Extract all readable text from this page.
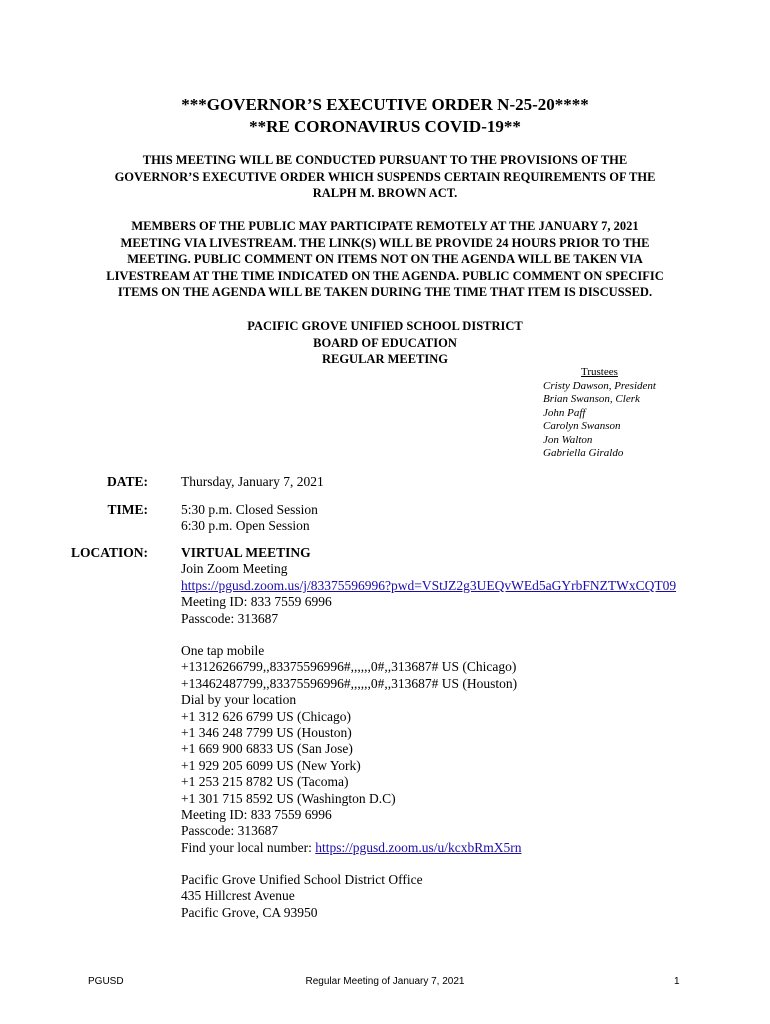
***GOVERNOR’S EXECUTIVE ORDER N-25-20****
**RE CORONAVIRUS COVID-19**
THIS MEETING WILL BE CONDUCTED PURSUANT TO THE PROVISIONS OF THE
GOVERNOR’S EXECUTIVE ORDER WHICH SUSPENDS CERTAIN REQUIREMENTS OF THE
RALPH M. BROWN ACT.
MEMBERS OF THE PUBLIC MAY PARTICIPATE REMOTELY AT THE JANUARY 7, 2021
MEETING VIA LIVESTREAM. THE LINK(S) WILL BE PROVIDE 24 HOURS PRIOR TO THE
MEETING. PUBLIC COMMENT ON ITEMS NOT ON THE AGENDA WILL BE TAKEN VIA
LIVESTREAM AT THE TIME INDICATED ON THE AGENDA. PUBLIC COMMENT ON SPECIFIC
ITEMS ON THE AGENDA WILL BE TAKEN DURING THE TIME THAT ITEM IS DISCUSSED.
PACIFIC GROVE UNIFIED SCHOOL DISTRICT
BOARD OF EDUCATION
REGULAR MEETING
Trustees
Cristy Dawson, President
Brian Swanson, Clerk
John Paff
Carolyn Swanson
Jon Walton
Gabriella Giraldo
DATE: Thursday, January 7, 2021
TIME: 5:30 p.m. Closed Session
6:30 p.m. Open Session
LOCATION: VIRTUAL MEETING
Join Zoom Meeting
https://pgusd.zoom.us/j/83375596996?pwd=VStJZ2g3UEQvWEd5aGYrbFNZTWxCQT09
Meeting ID: 833 7559 6996
Passcode: 313687
One tap mobile
+13126266799,,83375596996#,,,,,,0#,,313687# US (Chicago)
+13462487799,,83375596996#,,,,,,0#,,313687# US (Houston)
Dial by your location
+1 312 626 6799 US (Chicago)
+1 346 248 7799 US (Houston)
+1 669 900 6833 US (San Jose)
+1 929 205 6099 US (New York)
+1 253 215 8782 US (Tacoma)
+1 301 715 8592 US (Washington D.C)
Meeting ID: 833 7559 6996
Passcode: 313687
Find your local number: https://pgusd.zoom.us/u/kcxbRmX5rn
Pacific Grove Unified School District Office
435 Hillcrest Avenue
Pacific Grove, CA 93950
PGUSD	Regular Meeting of January 7, 2021	1
